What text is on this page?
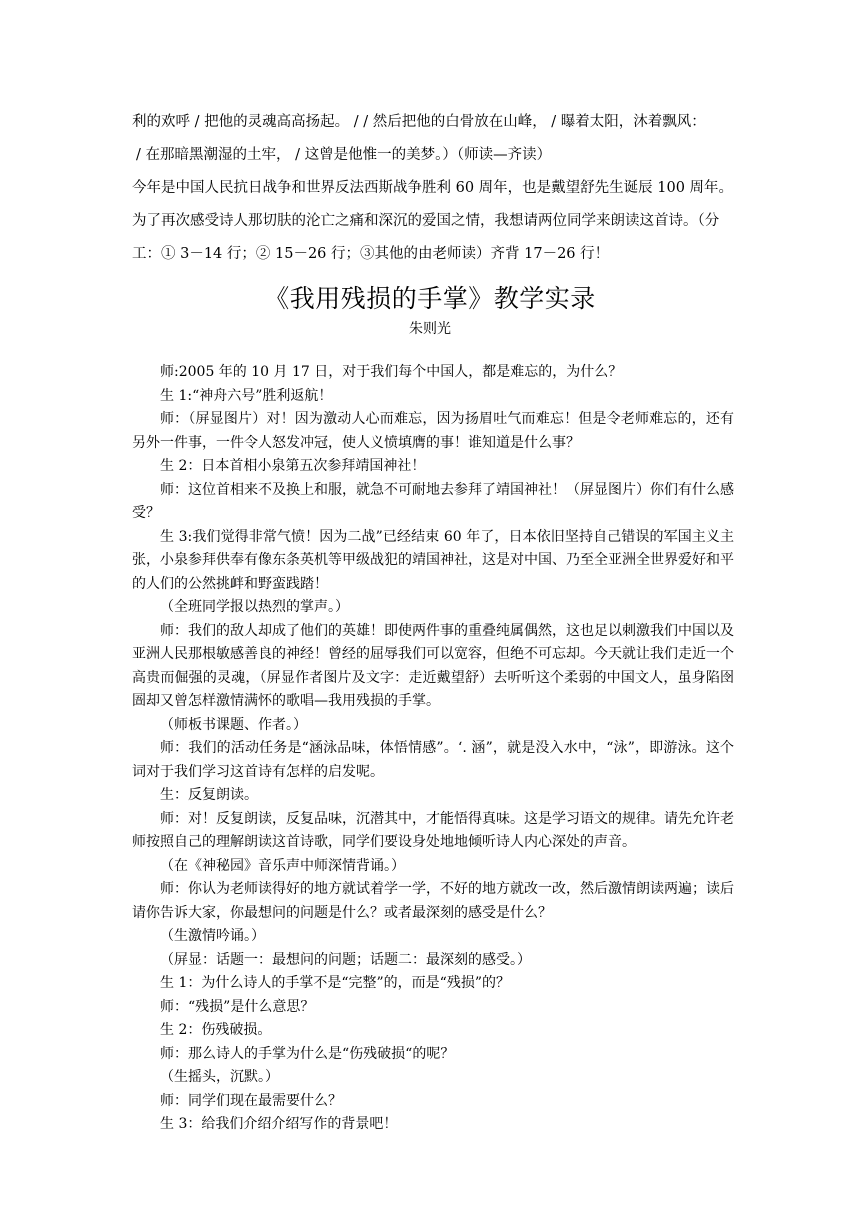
利的欢呼 / 把他的灵魂高高扬起。 / / 然后把他的白骨放在山峰， / 曝着太阳，沐着飘风：
/ 在那暗黑潮湿的土牢， / 这曾是他惟一的美梦。）（师读—齐读）
今年是中国人民抗日战争和世界反法西斯战争胜利 60 周年，也是戴望舒先生诞辰 100 周年。
为了再次感受诗人那切肤的沦亡之痛和深沉的爱国之情，我想请两位同学来朗读这首诗。（分
工：① 3－14 行；② 15－26 行；③其他的由老师读）齐背 17－26 行！
《我用残损的手掌》教学实录
朱则光

师:2005 年的 10 月 17 日，对于我们每个中国人，都是难忘的，为什么？

生 1:“神舟六号”胜利返航！

师：（屏显图片）对！因为激动人心而难忘，因为扬眉吐气而难忘！但是令老师难忘的，还有另外一件事，一件令人怒发冲冠，使人义愤填膺的事！谁知道是什么事？

生 2：日本首相小泉第五次参拜靖国神社！

师：这位首相来不及换上和服，就急不可耐地去参拜了靖国神社！（屏显图片）你们有什么感受？

生 3:我们觉得非常气愤！因为二战”已经结束 60 年了，日本依旧坚持自己错误的军国主义主张，小泉参拜供奉有像东条英机等甲级战犯的靖国神社，这是对中国、乃至全亚洲全世界爱好和平的人们的公然挑衅和野蛮践踏！

（全班同学报以热烈的掌声。）

师：我们的敌人却成了他们的英雄！即使两件事的重叠纯属偶然，这也足以刺激我们中国以及亚洲人民那根敏感善良的神经！曾经的屈辱我们可以宽容，但绝不可忘却。今天就让我们走近一个高贵而倔强的灵魂，（屏显作者图片及文字：走近戴望舒）去听听这个柔弱的中国文人，虽身陷囹圄却又曾怎样激情满怀的歌唱—我用残损的手掌。

（师板书课题、作者。）

师：我们的活动任务是“涵泳品味，体悟情感”。‘. 涵”，就是没入水中，“泳”，即游泳。这个词对于我们学习这首诗有怎样的启发呢。

生：反复朗读。

师：对！反复朗读，反复品味，沉潜其中，才能悟得真味。这是学习语文的规律。请先允许老师按照自己的理解朗读这首诗歌，同学们要设身处地地倾听诗人内心深处的声音。

（在《神秘园》音乐声中师深情背诵。）

师：你认为老师读得好的地方就试着学一学，不好的地方就改一改，然后激情朗读两遍；读后请你告诉大家，你最想问的问题是什么？或者最深刻的感受是什么？

（生激情吟诵。）

（屏显：话题一：最想问的问题；话题二：最深刻的感受。）

生 1：为什么诗人的手掌不是“完整”的，而是“残损”的？

师：“残损”是什么意思？

生 2：伤残破损。

师：那么诗人的手掌为什么是“伤残破损“的呢？

（生摇头，沉默。）

师：同学们现在最需要什么？

生 3：给我们介绍介绍写作的背景吧！
